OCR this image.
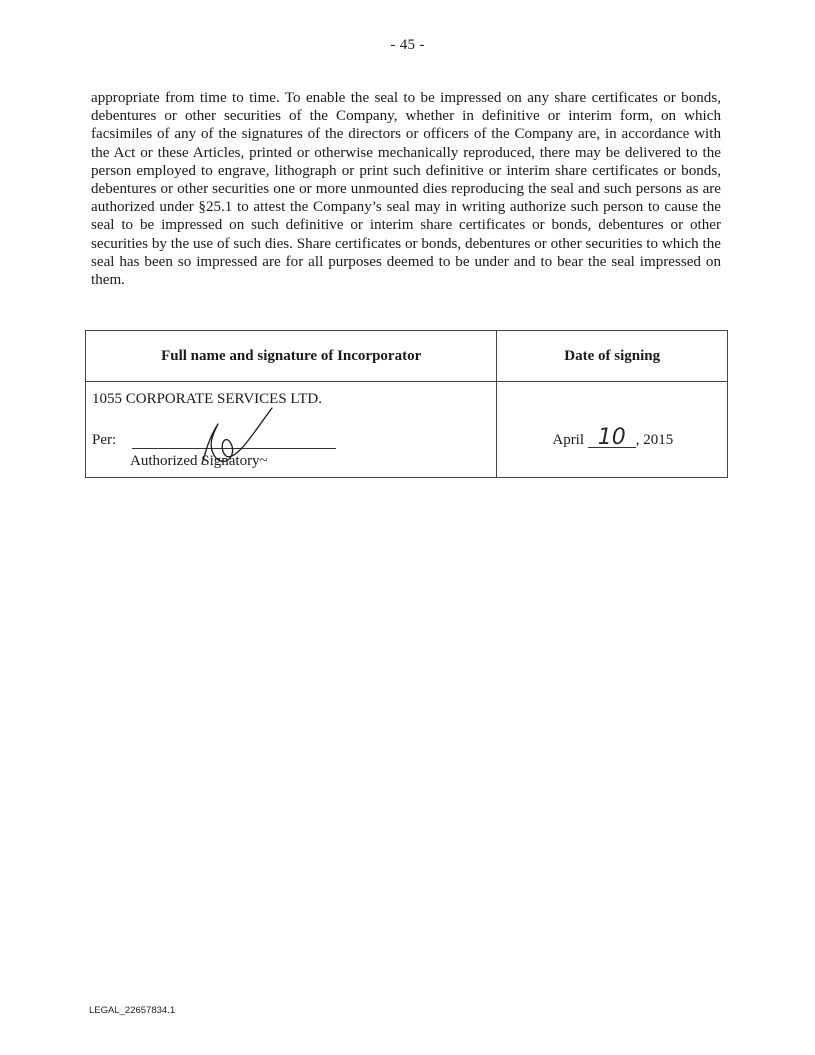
- 45 -

appropriate from time to time. To enable the seal to be impressed on any share certificates or bonds, debentures or other securities of the Company, whether in definitive or interim form, on which facsimiles of any of the signatures of the directors or officers of the Company are, in accordance with the Act or these Articles, printed or otherwise mechanically reproduced, there may be delivered to the person employed to engrave, lithograph or print such definitive or interim share certificates or bonds, debentures or other securities one or more unmounted dies reproducing the seal and such persons as are authorized under §25.1 to attest the Company’s seal may in writing authorize such person to cause the seal to be impressed on such definitive or interim share certificates or bonds, debentures or other securities by the use of such dies. Share certificates or bonds, debentures or other securities to which the seal has been so impressed are for all purposes deemed to be under and to bear the seal impressed on them.

Full name and signature of Incorporator	Date of signing

1055 CORPORATE SERVICES LTD.
Per:
Authorized Signatory~	April 10 , 2015
LEGAL_22657834.1
